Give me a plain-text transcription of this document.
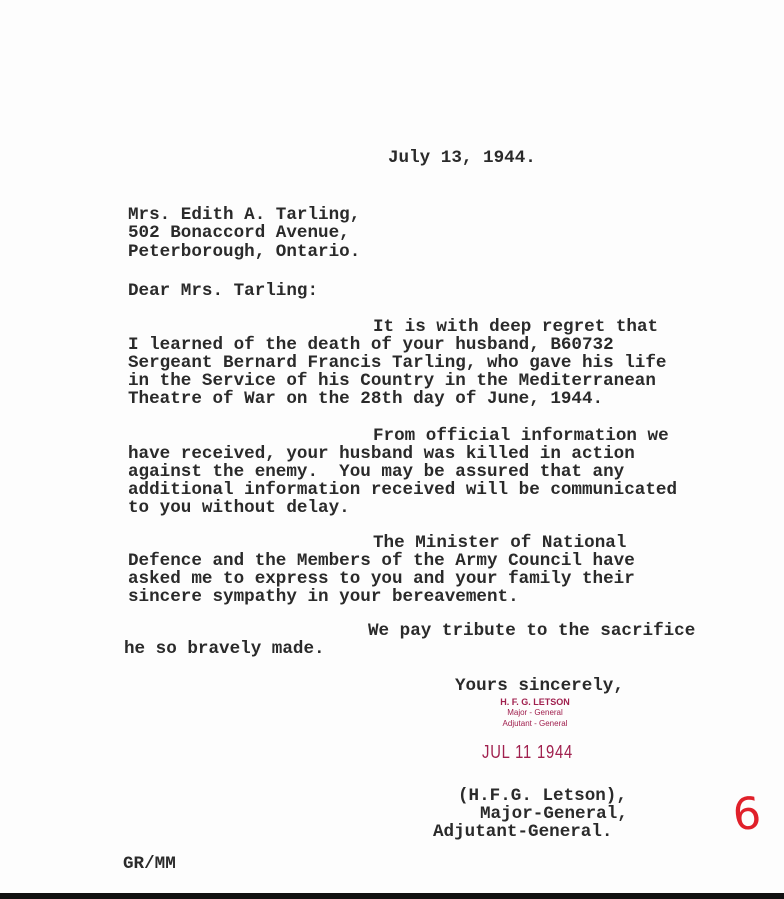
July 13, 1944.
Mrs. Edith A. Tarling,
502 Bonaccord Avenue,
Peterborough, Ontario.
Dear Mrs. Tarling:
It is with deep regret that
I learned of the death of your husband, B60732
Sergeant Bernard Francis Tarling, who gave his life
in the Service of his Country in the Mediterranean
Theatre of War on the 28th day of June, 1944.
From official information we
have received, your husband was killed in action
against the enemy.  You may be assured that any
additional information received will be communicated
to you without delay.
The Minister of National
Defence and the Members of the Army Council have
asked me to express to you and your family their
sincere sympathy in your bereavement.
We pay tribute to the sacrifice
he so bravely made.
Yours sincerely,
H. F. G. LETSON
Major - General
Adjutant - General
JUL 11 1944
(H.F.G. Letson),
Major-General,
Adjutant-General.
GR/MM
6
